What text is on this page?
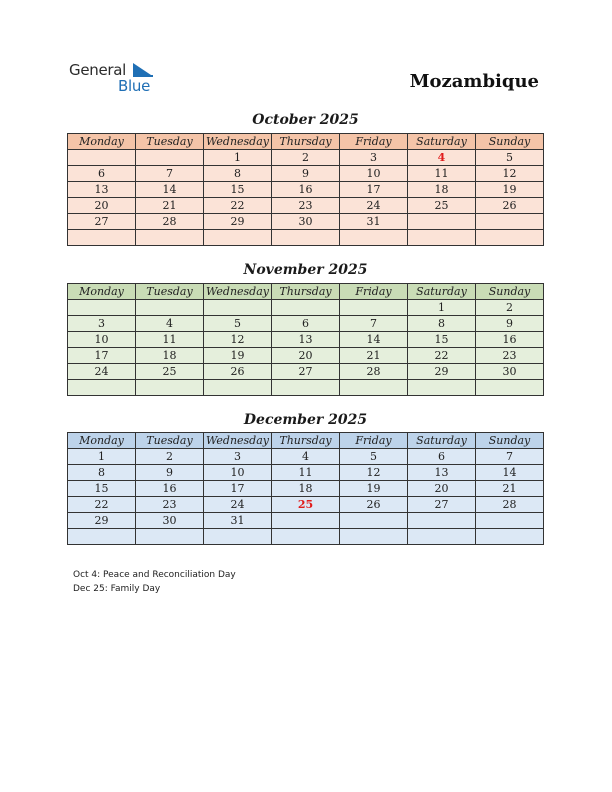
General
Blue	Mozambique
October 2025
Monday	Tuesday	Wednesday	Thursday	Friday	Saturday	Sunday
		1	2	3	4	5
6	7	8	9	10	11	12
13	14	15	16	17	18	19
20	21	22	23	24	25	26
27	28	29	30	31		

November 2025
Monday	Tuesday	Wednesday	Thursday	Friday	Saturday	Sunday
					1	2
3	4	5	6	7	8	9
10	11	12	13	14	15	16
17	18	19	20	21	22	23
24	25	26	27	28	29	30

December 2025
Monday	Tuesday	Wednesday	Thursday	Friday	Saturday	Sunday
1	2	3	4	5	6	7
8	9	10	11	12	13	14
15	16	17	18	19	20	21
22	23	24	25	26	27	28
29	30	31				

Oct 4: Peace and Reconciliation Day
Dec 25: Family Day
